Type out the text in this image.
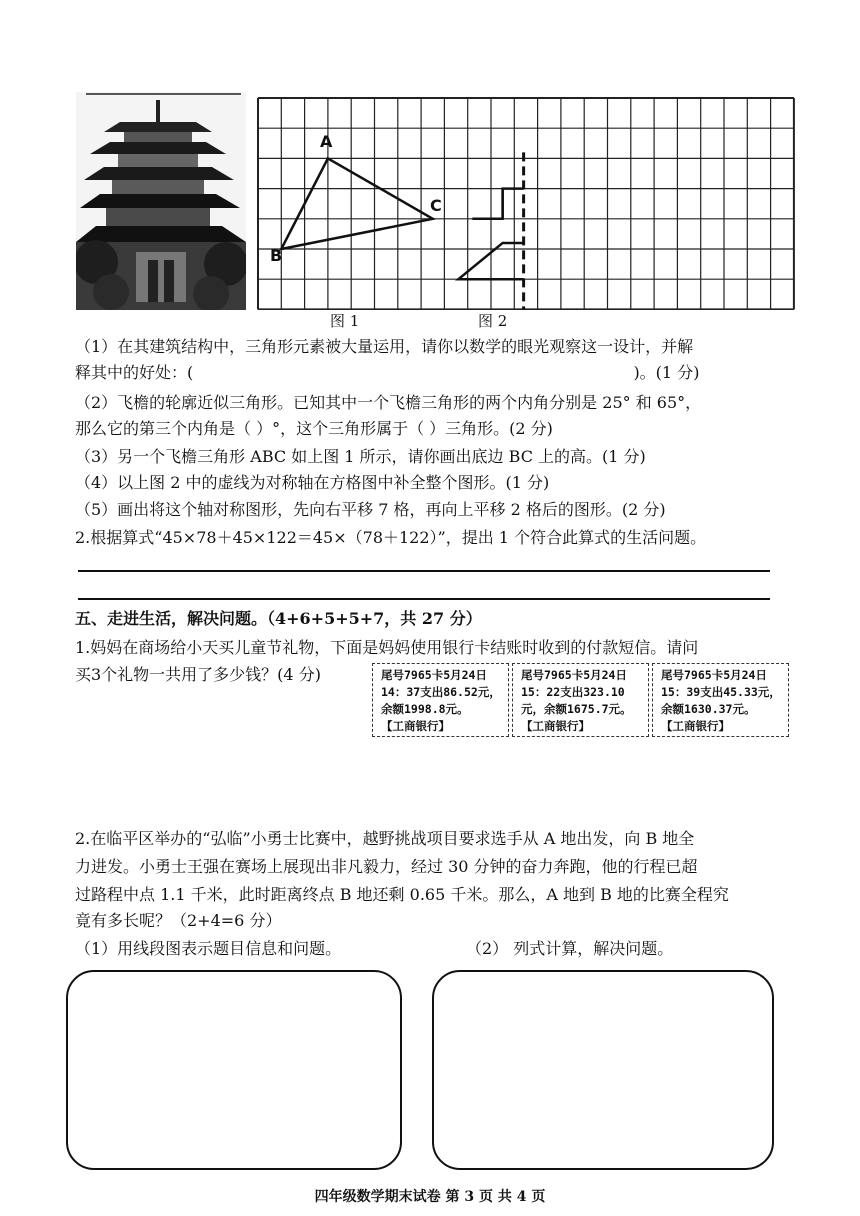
A
B
C
图 1	图 2
（1）在其建筑结构中，三角形元素被大量运用，请你以数学的眼光观察这一设计，并解
释其中的好处：(	)。(1 分)
（2）飞檐的轮廓近似三角形。已知其中一个飞檐三角形的两个内角分别是 25° 和 65°，
那么它的第三个内角是（ ）°，这个三角形属于（ ）三角形。(2 分)
（3）另一个飞檐三角形 ABC 如上图 1 所示，请你画出底边 BC 上的高。(1 分)
（4）以上图 2 中的虚线为对称轴在方格图中补全整个图形。(1 分)
（5）画出将这个轴对称图形，先向右平移 7 格，再向上平移 2 格后的图形。(2 分)
2.根据算式“45×78＋45×122＝45×（78＋122）”，提出 1 个符合此算式的生活问题。
五、走进生活，解决问题。（4+6+5+5+7，共 27 分）
1.妈妈在商场给小天买儿童节礼物，下面是妈妈使用银行卡结账时收到的付款短信。请问
买3个礼物一共用了多少钱？(4 分)	尾号7965卡5月24日
14：37支出86.52元，
余额1998.8元。
【工商银行】
尾号7965卡5月24日
15：22支出323.10
元，余额1675.7元。
【工商银行】
尾号7965卡5月24日
15：39支出45.33元，
余额1630.37元。
【工商银行】
2.在临平区举办的“弘临”小勇士比赛中，越野挑战项目要求选手从 A 地出发，向 B 地全
力进发。小勇士王强在赛场上展现出非凡毅力，经过 30 分钟的奋力奔跑，他的行程已超
过路程中点 1.1 千米，此时距离终点 B 地还剩 0.65 千米。那么，A 地到 B 地的比赛全程究
竟有多长呢？（2+4=6 分）
（1）用线段图表示题目信息和问题。	（2） 列式计算，解决问题。
四年级数学期末试卷 第 3 页 共 4 页
